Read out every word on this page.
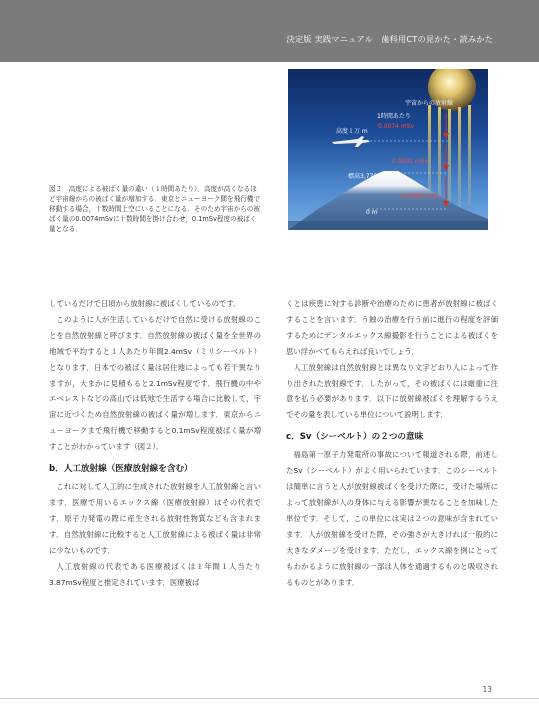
決定版 実践マニュアル　歯科用CTの見かた・読みかた
宇宙からの放射線
1時間あたり
0.0074 mSv
高度１万 m
0.0001 mSv
標高3,776 m
0.00005 mSv
0 m
図２　高度による被ばく量の違い（１時間あたり）．高度が高くなるほど宇宙線からの被ばく量が増加する．東京とニューヨーク間を飛行機で移動する場合，十数時間上空にいることになる．そのため宇宙からの被ばく量の0.0074mSvに十数時間を掛け合わせ，0.1mSv程度の被ばく量となる．

しているだけで日頃から放射線に被ばくしているのです．

このように人が生活しているだけで自然に受ける放射線のことを自然放射線と呼びます．自然放射線の被ばく量を全世界の地域で平均すると１人あたり年間2.4mSv（ミリシーベルト）となります．日本での被ばく量は居住地によっても若干異なりますが，大まかに見積もると2.1mSv程度です．飛行機の中やエベレストなどの高山では低地で生活する場合に比較して，宇宙に近づくため自然放射線の被ばく量が増します．東京からニューヨークまで飛行機で移動すると0.1mSv程度被ばく量が増すことがわかっています（図２）．

b．人工放射線（医療放射線を含む）

これに対して人工的に生成された放射線を人工放射線と言います．医療で用いるエックス線（医療放射線）はその代表です．原子力発電の際に産生される放射性物質なども含まれます．自然放射線に比較すると人工放射線による被ばく量は非常に少ないものです．

人工放射線の代表である医療被ばくは１年間１人当たり3.87mSv程度と推定されています．医療被ば

くとは疾患に対する診断や治療のために患者が放射線に被ばくすることを言います．う蝕の治療を行う前に進行の程度を評価するためにデンタルエックス線撮影を行うことによる被ばくを思い浮かべてもらえれば良いでしょう．

人工放射線は自然放射線とは異なり文字どおり人によって作り出された放射線です．したがって，その被ばくには厳重に注意を払う必要があります．以下に放射線被ばくを理解するうえでその量を表している単位について説明します．

c．Sv（シーベルト）の２つの意味

福島第一原子力発電所の事故について報道される際，前述したSv（シーベルト）がよく用いられています．このシーベルトは簡単に言うと人が放射線被ばくを受けた際に，受けた場所によって放射線が人の身体に与える影響が異なることを加味した単位です．そして，この単位には実は２つの意味が含まれています．人が放射線を受けた際，その強さが大きければ一般的に大きなダメージを受けます．ただし，エックス線を例にとってもわかるように放射線の一部は人体を通過するものと吸収されるものとがあります．

13
